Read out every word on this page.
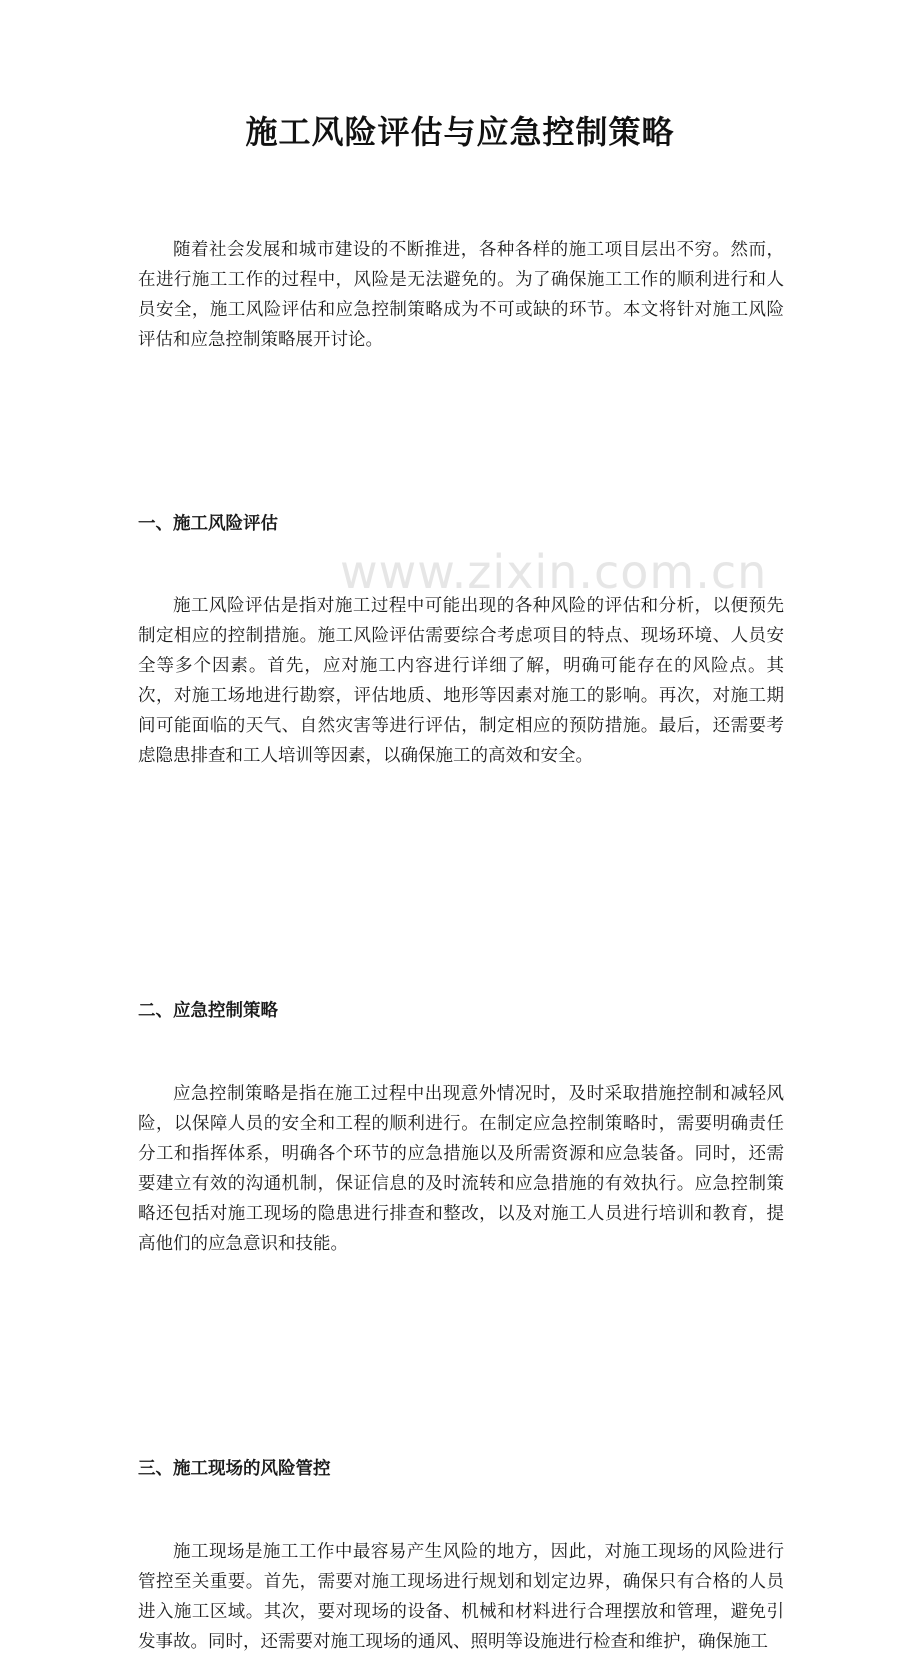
www.zixin.com.cn
施工风险评估与应急控制策略

随着社会发展和城市建设的不断推进，各种各样的施工项目层出不穷。然而，在进行施工工作的过程中，风险是无法避免的。为了确保施工工作的顺利进行和人员安全，施工风险评估和应急控制策略成为不可或缺的环节。本文将针对施工风险评估和应急控制策略展开讨论。

一、施工风险评估

施工风险评估是指对施工过程中可能出现的各种风险的评估和分析，以便预先制定相应的控制措施。施工风险评估需要综合考虑项目的特点、现场环境、人员安全等多个因素。首先，应对施工内容进行详细了解，明确可能存在的风险点。其次，对施工场地进行勘察，评估地质、地形等因素对施工的影响。再次，对施工期间可能面临的天气、自然灾害等进行评估，制定相应的预防措施。最后，还需要考虑隐患排查和工人培训等因素，以确保施工的高效和安全。

二、应急控制策略

应急控制策略是指在施工过程中出现意外情况时，及时采取措施控制和减轻风险，以保障人员的安全和工程的顺利进行。在制定应急控制策略时，需要明确责任分工和指挥体系，明确各个环节的应急措施以及所需资源和应急装备。同时，还需要建立有效的沟通机制，保证信息的及时流转和应急措施的有效执行。应急控制策略还包括对施工现场的隐患进行排查和整改，以及对施工人员进行培训和教育，提高他们的应急意识和技能。

三、施工现场的风险管控

施工现场是施工工作中最容易产生风险的地方，因此，对施工现场的风险进行管控至关重要。首先，需要对施工现场进行规划和划定边界，确保只有合格的人员进入施工区域。其次，要对现场的设备、机械和材料进行合理摆放和管理，避免引发事故。同时，还需要对施工现场的通风、照明等设施进行检查和维护，确保施工
